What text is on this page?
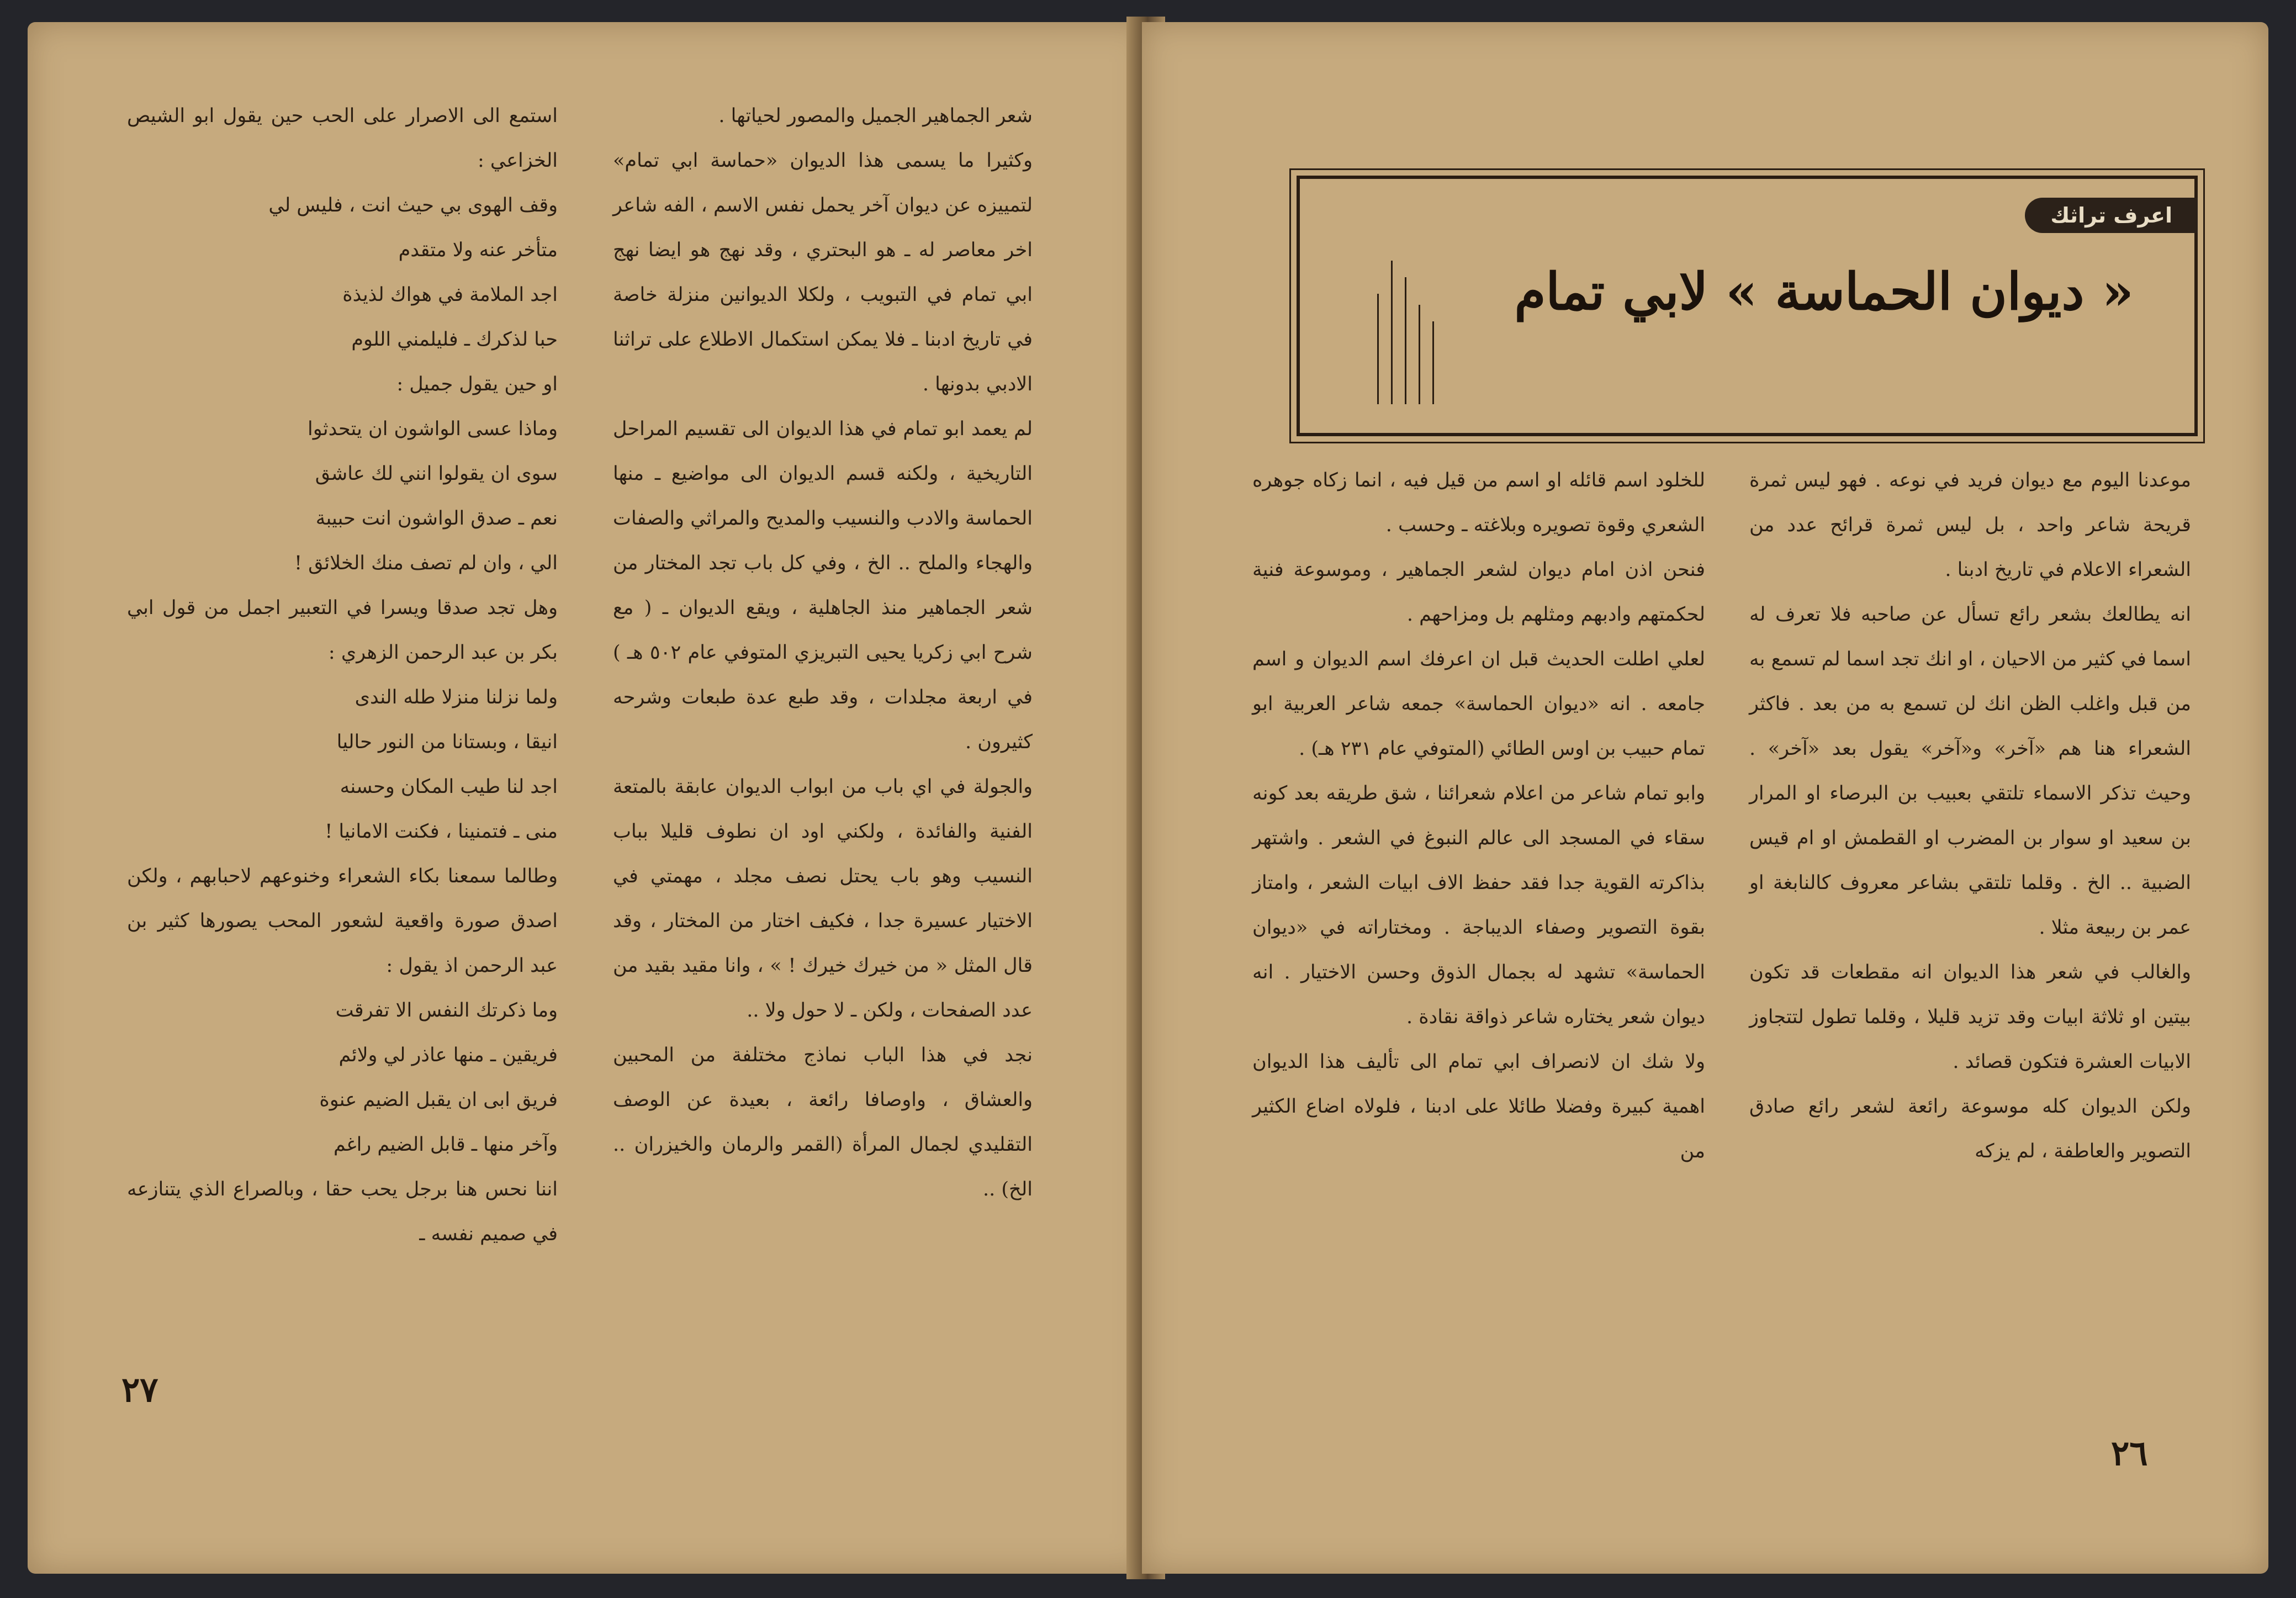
شعر الجماهير الجميل والمصور لحياتها .

وكثيرا ما يسمى هذا الديوان «حماسة ابي تمام» لتمييزه عن ديوان آخر يحمل نفس الاسم ، الفه شاعر اخر معاصر له ـ هو البحتري ، وقد نهج هو ايضا نهج ابي تمام في التبويب ، ولكلا الديوانين منزلة خاصة في تاريخ ادبنا ـ فلا يمكن استكمال الاطلاع على تراثنا الادبي بدونها .

لم يعمد ابو تمام في هذا الديوان الى تقسيم المراحل التاريخية ، ولكنه قسم الديوان الى مواضيع ـ منها الحماسة والادب والنسيب والمديح والمراثي والصفات والهجاء والملح .. الخ ، وفي كل باب تجد المختار من شعر الجماهير منذ الجاهلية ، ويقع الديوان ـ ( مع شرح ابي زكريا يحيى التبريزي المتوفي عام ٥٠٢ هـ ) في اربعة مجلدات ، وقد طبع عدة طبعات وشرحه كثيرون .

والجولة في اي باب من ابواب الديوان عابقة بالمتعة الفنية والفائدة ، ولكني اود ان نطوف قليلا بباب النسيب وهو باب يحتل نصف مجلد ، مهمتي في الاختيار عسيرة جدا ، فكيف اختار من المختار ، وقد قال المثل « من خيرك خيرك ! » ، وانا مقيد بقيد من عدد الصفحات ، ولكن ـ لا حول ولا ..

نجد في هذا الباب نماذج مختلفة من المحبين والعشاق ، واوصافا رائعة ، بعيدة عن الوصف التقليدي لجمال المرأة (القمر والرمان والخيزران .. الخ) ..

استمع الى الاصرار على الحب حين يقول ابو الشيص الخزاعي :

وقف الهوى بي حيث انت ، فليس لي
متأخر عنه ولا متقدم
اجد الملامة في هواك لذيذة
حبا لذكرك ـ فليلمني اللوم

او حين يقول جميل :

وماذا عسى الواشون ان يتحدثوا
سوى ان يقولوا انني لك عاشق
نعم ـ صدق الواشون انت حبيبة
الي ، وان لم تصف منك الخلائق !

وهل تجد صدقا ويسرا في التعبير اجمل من قول ابي بكر بن عبد الرحمن الزهري :

ولما نزلنا منزلا طله الندى
انيقا ، وبستانا من النور حاليا
اجد لنا طيب المكان وحسنه
منى ـ فتمنينا ، فكنت الامانيا !

وطالما سمعنا بكاء الشعراء وخنوعهم لاحبابهم ، ولكن اصدق صورة واقعية لشعور المحب يصورها كثير بن عبد الرحمن اذ يقول :

وما ذكرتك النفس الا تفرقت
فريقين ـ منها عاذر لي ولائم
فريق ابى ان يقبل الضيم عنوة
وآخر منها ـ قابل الضيم راغم

اننا نحس هنا برجل يحب حقا ، وبالصراع الذي يتنازعه في صميم نفسه ـ

٢٧
اعرف تراثك
« ديوان الحماسة » لابي تمام

موعدنا اليوم مع ديوان فريد في نوعه . فهو ليس ثمرة قريحة شاعر واحد ، بل ليس ثمرة قرائح عدد من الشعراء الاعلام في تاريخ ادبنا .

انه يطالعك بشعر رائع تسأل عن صاحبه فلا تعرف له اسما في كثير من الاحيان ، او انك تجد اسما لم تسمع به من قبل واغلب الظن انك لن تسمع به من بعد . فاكثر الشعراء هنا هم «آخر» و«آخر» يقول بعد «آخر» . وحيث تذكر الاسماء تلتقي بعبيب بن البرصاء او المرار بن سعيد او سوار بن المضرب او القطمش او ام قيس الضبية .. الخ . وقلما تلتقي بشاعر معروف كالنابغة او عمر بن ربيعة مثلا .

والغالب في شعر هذا الديوان انه مقطعات قد تكون بيتين او ثلاثة ابيات وقد تزيد قليلا ، وقلما تطول لتتجاوز الابيات العشرة فتكون قصائد .

ولكن الديوان كله موسوعة رائعة لشعر رائع صادق التصوير والعاطفة ، لم يزكه

للخلود اسم قائله او اسم من قيل فيه ، انما زكاه جوهره الشعري وقوة تصويره وبلاغته ـ وحسب .

فنحن اذن امام ديوان لشعر الجماهير ، وموسوعة فنية لحكمتهم وادبهم ومثلهم بل ومزاحهم .

لعلي اطلت الحديث قبل ان اعرفك اسم الديوان و اسم جامعه . انه «ديوان الحماسة» جمعه شاعر العربية ابو تمام حبيب بن اوس الطائي (المتوفي عام ٢٣١ هـ) .

وابو تمام شاعر من اعلام شعرائنا ، شق طريقه بعد كونه سقاء في المسجد الى عالم النبوغ في الشعر . واشتهر بذاكرته القوية جدا فقد حفظ الاف ابيات الشعر ، وامتاز بقوة التصوير وصفاء الديباجة . ومختاراته في «ديوان الحماسة» تشهد له بجمال الذوق وحسن الاختيار . انه ديوان شعر يختاره شاعر ذواقة نقادة .

ولا شك ان لانصراف ابي تمام الى تأليف هذا الديوان اهمية كبيرة وفضلا طائلا على ادبنا ، فلولاه اضاع الكثير من

٢٦
